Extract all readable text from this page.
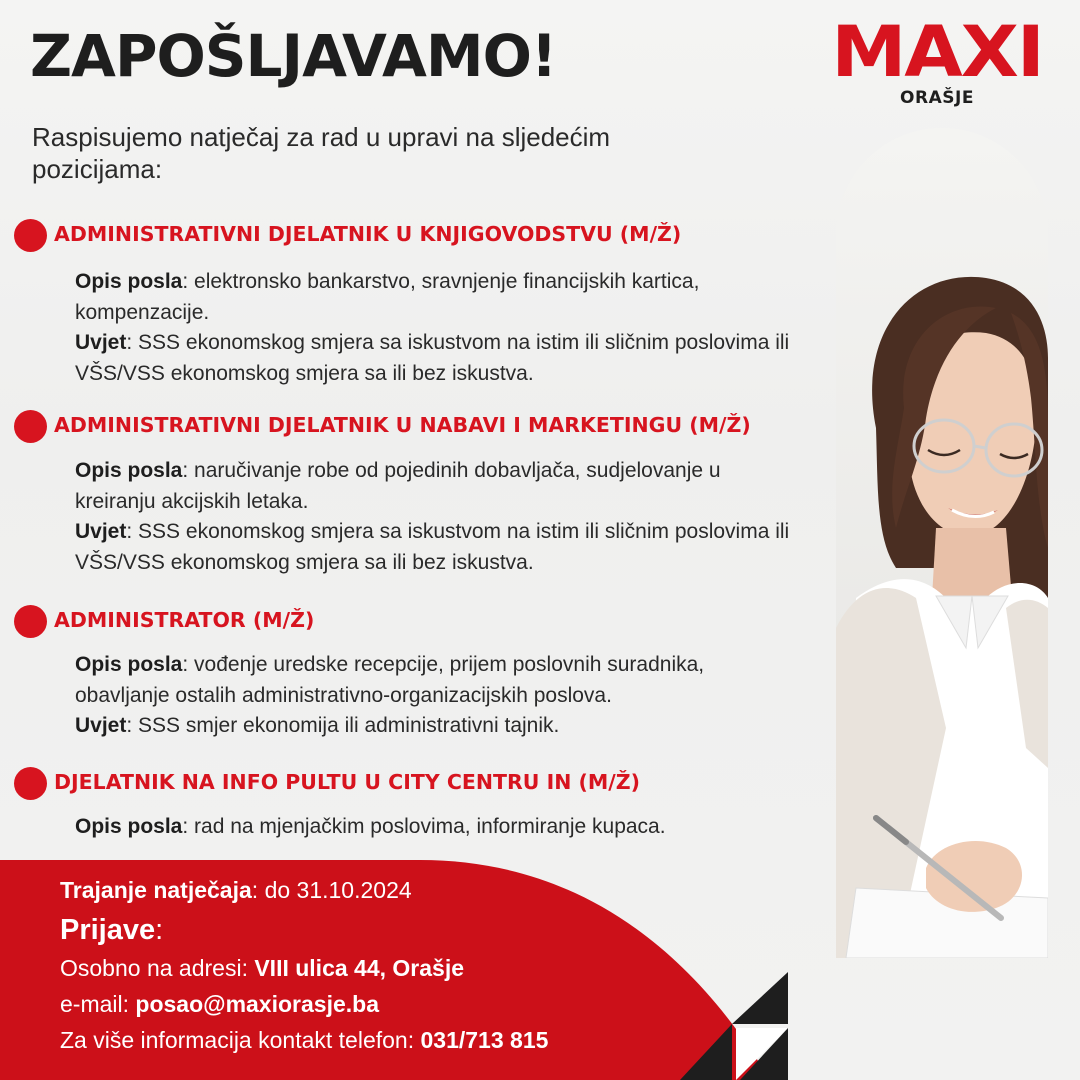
ZAPOŠLJAVAMO!	MAXI
ORAŠJE
Raspisujemo natječaj za rad u upravi na sljedećim pozicijama:
ADMINISTRATIVNI DJELATNIK U KNJIGOVODSTVU (M/Ž)
Opis posla: elektronsko bankarstvo, sravnjenje financijskih kartica, kompenzacije.
Uvjet: SSS ekonomskog smjera sa iskustvom na istim ili sličnim poslovima ili VŠS/VSS ekonomskog smjera sa ili bez iskustva.
ADMINISTRATIVNI DJELATNIK U NABAVI I MARKETINGU (M/Ž)
Opis posla: naručivanje robe od pojedinih dobavljača, sudjelovanje u kreiranju akcijskih letaka.
Uvjet: SSS ekonomskog smjera sa iskustvom na istim ili sličnim poslovima ili VŠS/VSS ekonomskog smjera sa ili bez iskustva.
ADMINISTRATOR (M/Ž)
Opis posla: vođenje uredske recepcije, prijem poslovnih suradnika, obavljanje ostalih administrativno-organizacijskih poslova.
Uvjet: SSS smjer ekonomija ili administrativni tajnik.
DJELATNIK NA INFO PULTU U CITY CENTRU IN (M/Ž)
Opis posla: rad na mjenjačkim poslovima, informiranje kupaca.
Trajanje natječaja: do 31.10.2024
Prijave:
Osobno na adresi: VIII ulica 44, Orašje
e-mail: posao@maxiorasje.ba
Za više informacija kontakt telefon: 031/713 815
